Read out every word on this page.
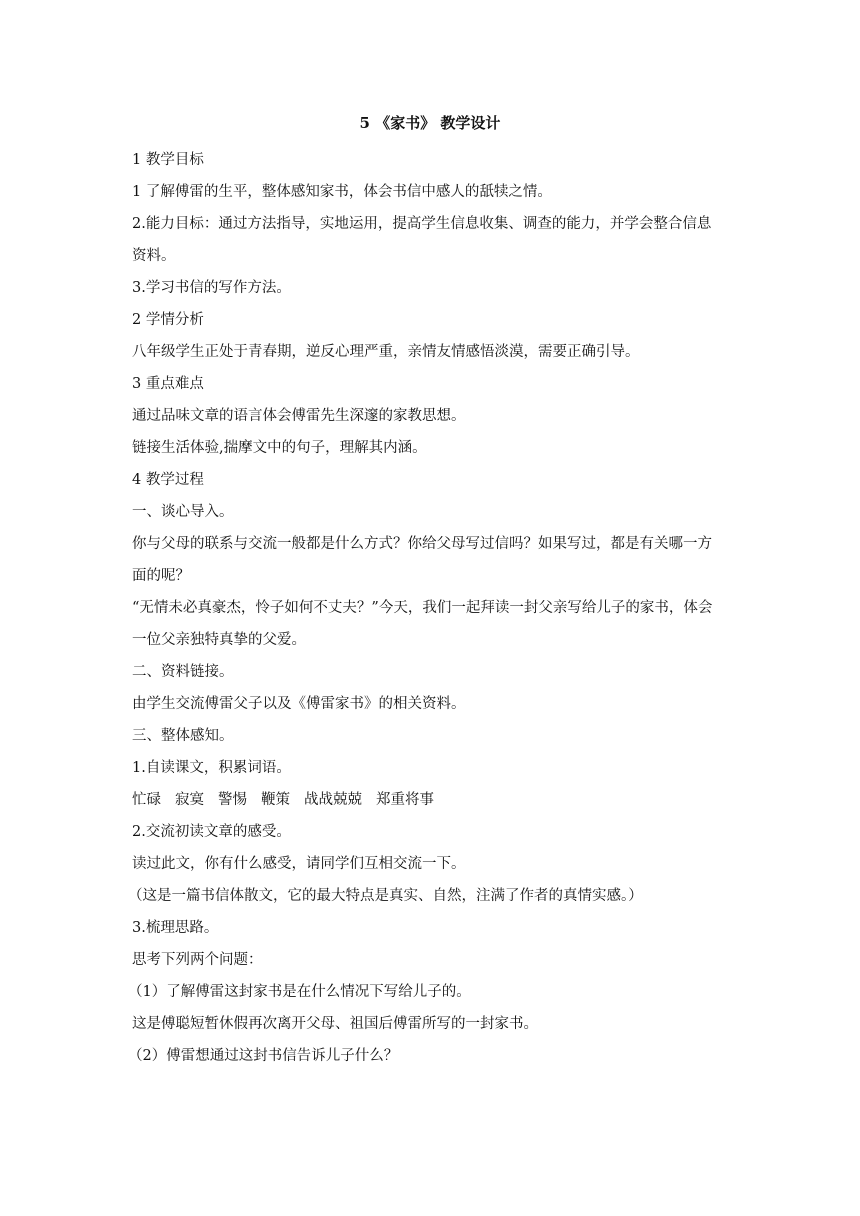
5 《家书》 教学设计

1 教学目标

1 了解傅雷的生平，整体感知家书，体会书信中感人的舐犊之情。

2.能力目标：通过方法指导，实地运用，提高学生信息收集、调查的能力，并学会整合信息

资料。

3.学习书信的写作方法。

2 学情分析

八年级学生正处于青春期，逆反心理严重，亲情友情感悟淡漠，需要正确引导。

3 重点难点

通过品味文章的语言体会傅雷先生深邃的家教思想。

链接生活体验,揣摩文中的句子，理解其内涵。

4 教学过程

一、谈心导入。

你与父母的联系与交流一般都是什么方式？你给父母写过信吗？如果写过，都是有关哪一方

面的呢？

“无情未必真豪杰，怜子如何不丈夫？”今天，我们一起拜读一封父亲写给儿子的家书，体会

一位父亲独特真挚的父爱。

二、资料链接。

由学生交流傅雷父子以及《傅雷家书》的相关资料。

三、整体感知。

1.自读课文，积累词语。

忙碌 寂寞 警惕 鞭策 战战兢兢 郑重将事

2.交流初读文章的感受。

读过此文，你有什么感受，请同学们互相交流一下。

（这是一篇书信体散文，它的最大特点是真实、自然，注满了作者的真情实感。）

3.梳理思路。

思考下列两个问题：

（1）了解傅雷这封家书是在什么情况下写给儿子的。

这是傅聪短暂休假再次离开父母、祖国后傅雷所写的一封家书。

（2）傅雷想通过这封书信告诉儿子什么？
